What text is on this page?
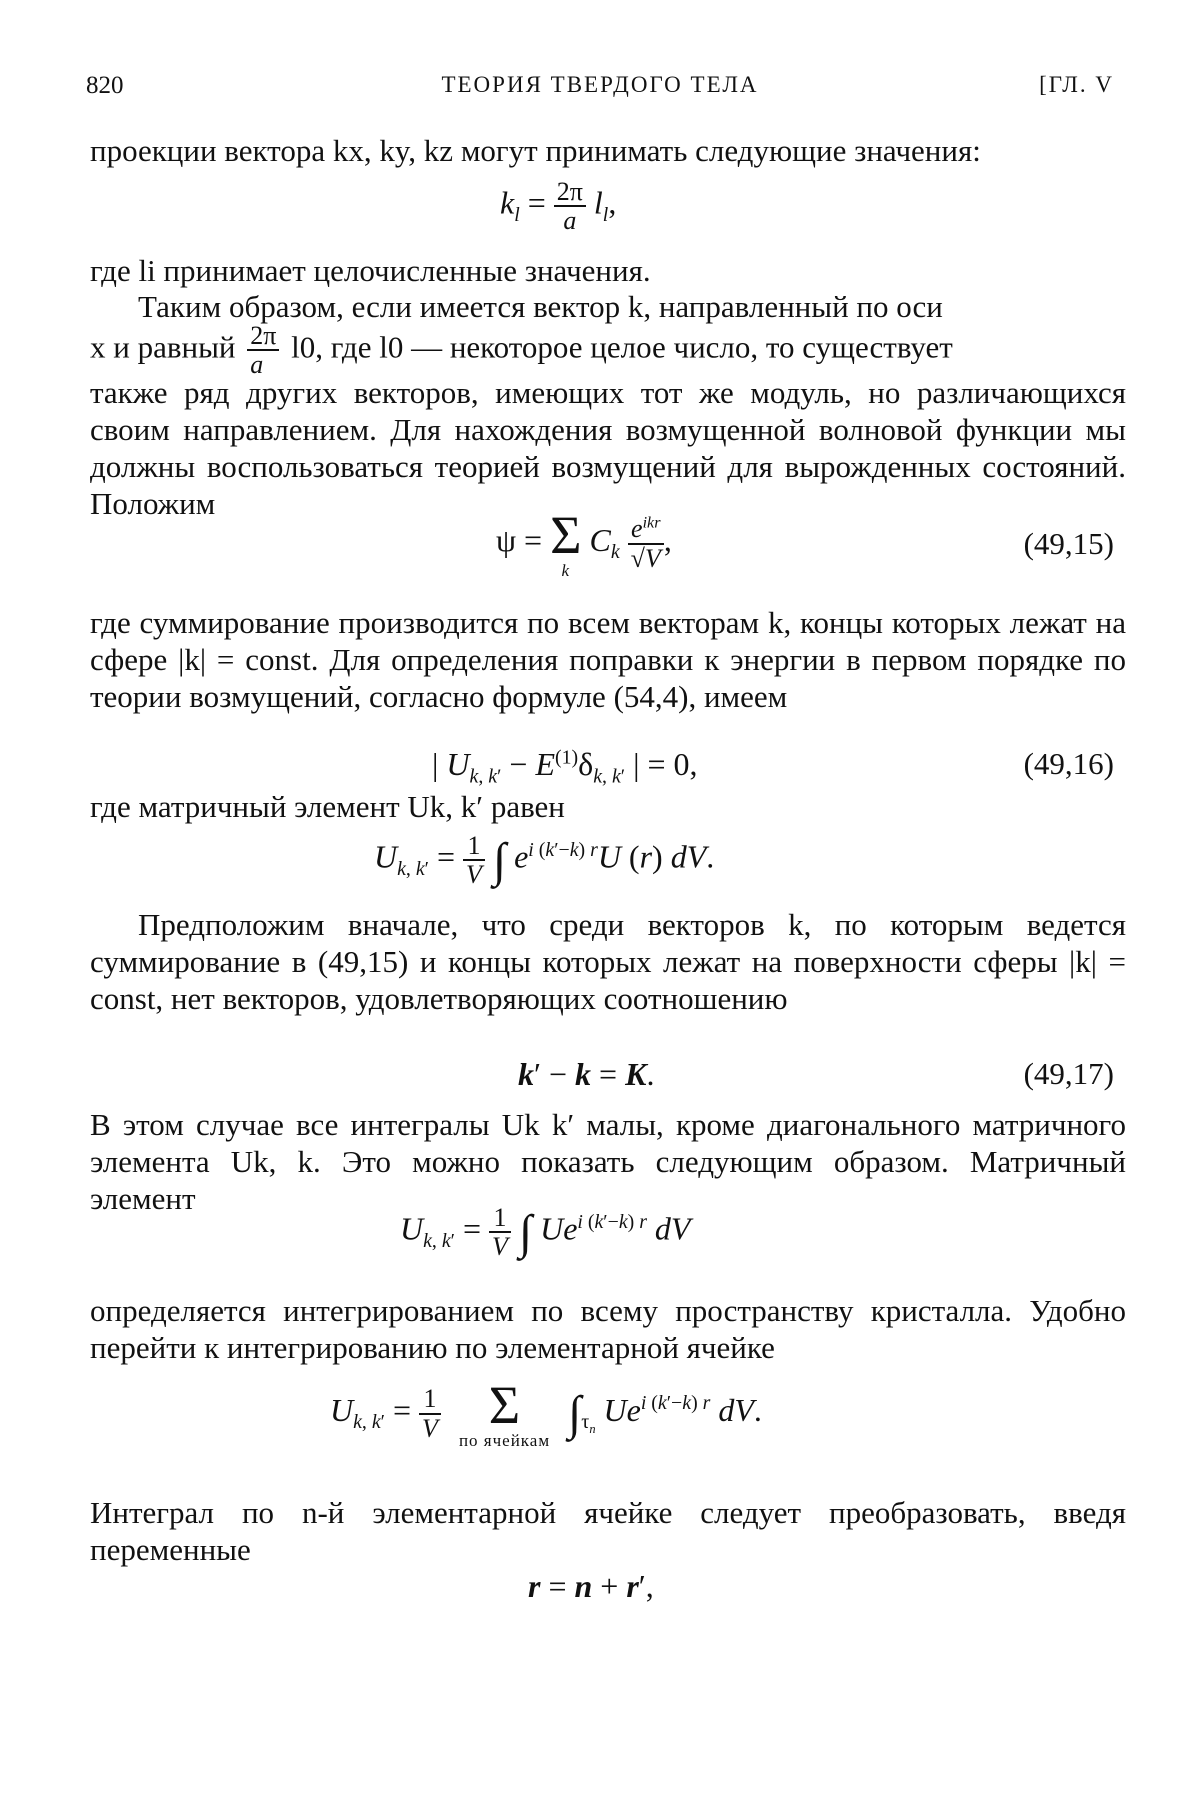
820	ТЕОРИЯ ТВЕРДОГО ТЕЛА	[ГЛ. V
проекции вектора kx, ky, kz могут принимать следующие значения:
$k_l = \frac{2\pi}{a} l_l$,
где li принимает целочисленные значения.
Таким образом, если имеется вектор k, направленный по оси
x и равный $\frac{2\pi}{a} l0$, где l0 — некоторое целое число, то существует
также ряд других векторов, имеющих тот же модуль, но различающихся своим направлением. Для нахождения возмущенной волновой функции мы должны воспользоваться теорией возмущений для вырожденных состояний. Положим
ψ = Σ
k
$C_k \frac{e^{ikr}}{√V}$ ,	(49,15)
где суммирование производится по всем векторам k, концы которых лежат на сфере |k| = const. Для определения поправки к энергии в первом порядке по теории возмущений, согласно формуле (54,4), имеем
| $U_{k, k'} - E^{(1)}\delta_{k, k'}$ | = 0,	(49,16)
где матричный элемент Uk, k′ равен
$U_{k, k'} = \frac{1}{V}$ ∫ $e^{i (k'-k) r}U$ (r) dV.
Предположим вначале, что среди векторов k, по которым ведется суммирование в (49,15) и концы которых лежат на поверхности сферы |k| = const, нет векторов, удовлетворяющих соотношению
k′ − k = K.	(49,17)
В этом случае все интегралы Uk k′ малы, кроме диагонального матричного элемента Uk, k. Это можно показать следующим образом. Матричный элемент
$U_{k, k'} = \frac{1}{V}$ ∫ $Ue^{i (k'-k) r}$ dV
определяется интегрированием по всему пространству кристалла. Удобно перейти к интегрированию по элементарной ячейке
$U_{k, k'} = \frac{1}{V}$ Σ
по ячейкам
$\int_{\tau_n}$ $Ue^{i (k'-k) r}$ dV.
Интеграл по n-й элементарной ячейке следует преобразовать, введя переменные
r = n + r′,
